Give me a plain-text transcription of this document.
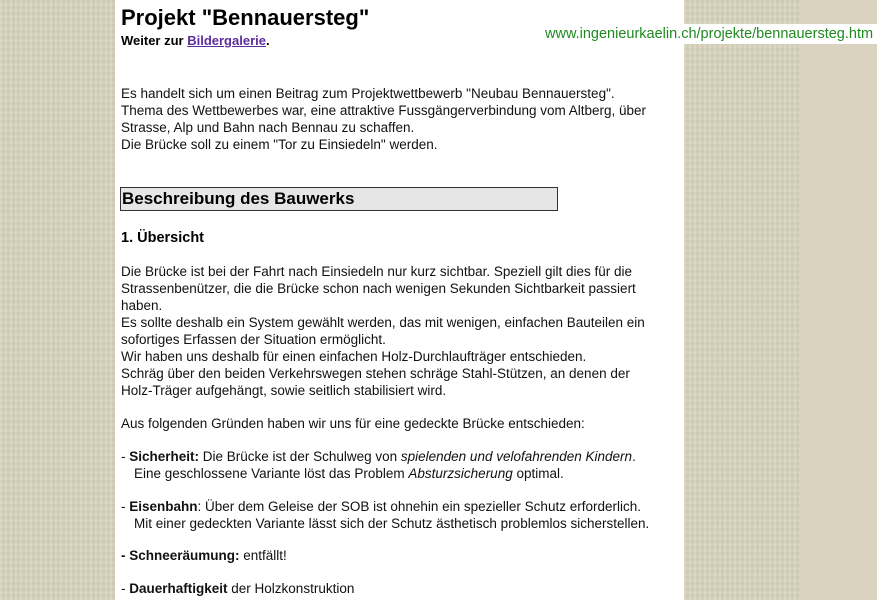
Projekt "Bennauersteg"

Weiter zur Bildergalerie.	www.ingenieurkaelin.ch/projekte/bennauersteg.htm

Es handelt sich um einen Beitrag zum Projektwettbewerb "Neubau Bennauersteg".
Thema des Wettbewerbes war, eine attraktive Fussgängerverbindung vom Altberg, über
Strasse, Alp und Bahn nach Bennau zu schaffen.
Die Brücke soll zu einem "Tor zu Einsiedeln" werden.

Beschreibung des Bauwerks
1. Übersicht

Die Brücke ist bei der Fahrt nach Einsiedeln nur kurz sichtbar. Speziell gilt dies für die
Strassenbenützer, die die Brücke schon nach wenigen Sekunden Sichtbarkeit passiert
haben.
Es sollte deshalb ein System gewählt werden, das mit wenigen, einfachen Bauteilen ein
sofortiges Erfassen der Situation ermöglicht.
Wir haben uns deshalb für einen einfachen Holz-Durchlaufträger entschieden.
Schräg über den beiden Verkehrswegen stehen schräge Stahl-Stützen, an denen der
Holz-Träger aufgehängt, sowie seitlich stabilisiert wird.

Aus folgenden Gründen haben wir uns für eine gedeckte Brücke entschieden:

- Sicherheit: Die Brücke ist der Schulweg von spielenden und velofahrenden Kindern.
Eine geschlossene Variante löst das Problem Absturzsicherung optimal.

- Eisenbahn: Über dem Geleise der SOB ist ohnehin ein spezieller Schutz erforderlich.
Mit einer gedeckten Variante lässt sich der Schutz ästhetisch problemlos sicherstellen.

- Schneeräumung: entfällt!

- Dauerhaftigkeit der Holzkonstruktion
